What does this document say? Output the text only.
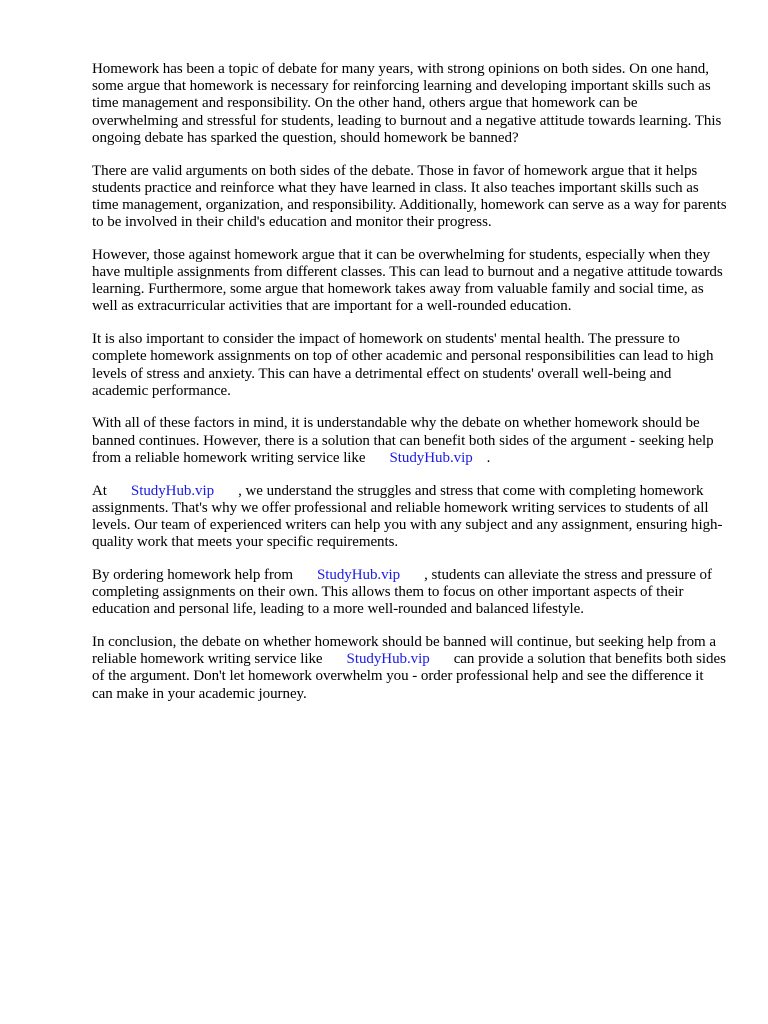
Homework has been a topic of debate for many years, with strong opinions on both sides. On one hand, some argue that homework is necessary for reinforcing learning and developing important skills such as time management and responsibility. On the other hand, others argue that homework can be overwhelming and stressful for students, leading to burnout and a negative attitude towards learning. This ongoing debate has sparked the question, should homework be banned?

There are valid arguments on both sides of the debate. Those in favor of homework argue that it helps students practice and reinforce what they have learned in class. It also teaches important skills such as time management, organization, and responsibility. Additionally, homework can serve as a way for parents to be involved in their child's education and monitor their progress.

However, those against homework argue that it can be overwhelming for students, especially when they have multiple assignments from different classes. This can lead to burnout and a negative attitude towards learning. Furthermore, some argue that homework takes away from valuable family and social time, as well as extracurricular activities that are important for a well-rounded education.

It is also important to consider the impact of homework on students' mental health. The pressure to complete homework assignments on top of other academic and personal responsibilities can lead to high levels of stress and anxiety. This can have a detrimental effect on students' overall well-being and academic performance.

With all of these factors in mind, it is understandable why the debate on whether homework should be banned continues. However, there is a solution that can benefit both sides of the argument - seeking help from a reliable homework writing service like StudyHub.vip .

At StudyHub.vip , we understand the struggles and stress that come with completing homework assignments. That's why we offer professional and reliable homework writing services to students of all levels. Our team of experienced writers can help you with any subject and any assignment, ensuring high-quality work that meets your specific requirements.

By ordering homework help from StudyHub.vip , students can alleviate the stress and pressure of completing assignments on their own. This allows them to focus on other important aspects of their education and personal life, leading to a more well-rounded and balanced lifestyle.

In conclusion, the debate on whether homework should be banned will continue, but seeking help from a reliable homework writing service like StudyHub.vip can provide a solution that benefits both sides of the argument. Don't let homework overwhelm you - order professional help and see the difference it can make in your academic journey.
